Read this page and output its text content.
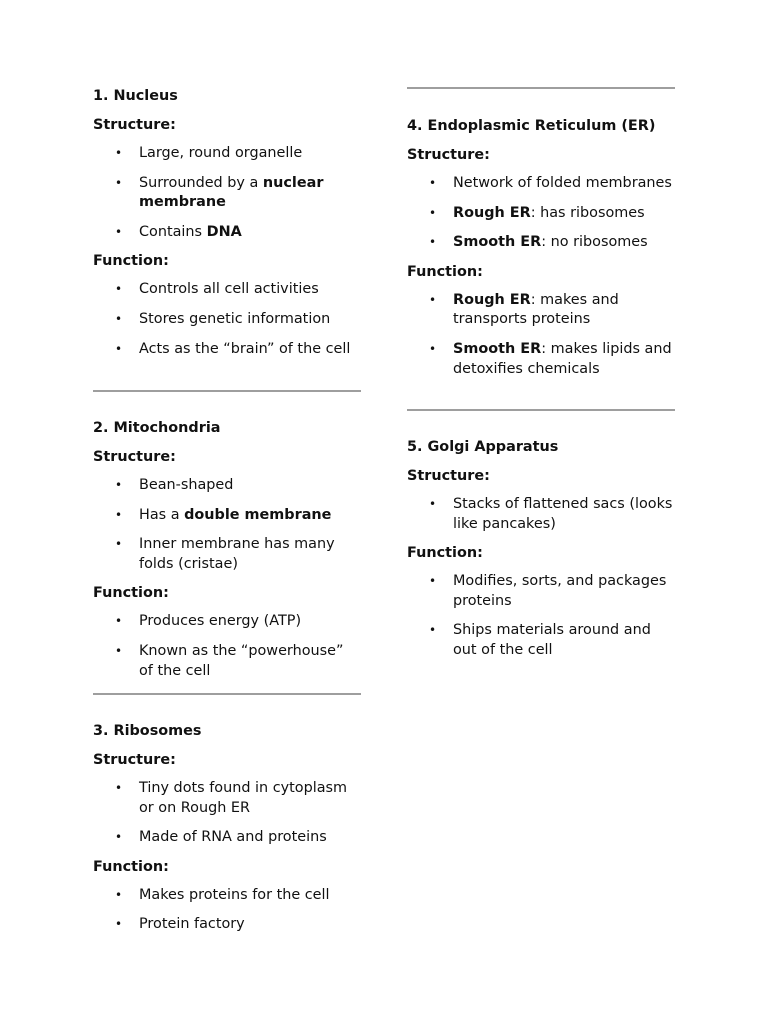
1. Nucleus

Structure:

• Large, round organelle
• Surrounded by a nuclear membrane
• Contains DNA

Function:

• Controls all cell activities
• Stores genetic information
• Acts as the “brain” of the cell

2. Mitochondria

Structure:

• Bean-shaped
• Has a double membrane
• Inner membrane has many folds (cristae)

Function:

• Produces energy (ATP)
• Known as the “powerhouse” of the cell

3. Ribosomes

Structure:

• Tiny dots found in cytoplasm or on Rough ER
• Made of RNA and proteins

Function:

• Makes proteins for the cell
• Protein factory

4. Endoplasmic Reticulum (ER)

Structure:

• Network of folded membranes
• Rough ER: has ribosomes
• Smooth ER: no ribosomes

Function:

• Rough ER: makes and transports proteins
• Smooth ER: makes lipids and detoxifies chemicals

5. Golgi Apparatus

Structure:

• Stacks of flattened sacs (looks like pancakes)

Function:

• Modifies, sorts, and packages proteins
• Ships materials around and out of the cell
